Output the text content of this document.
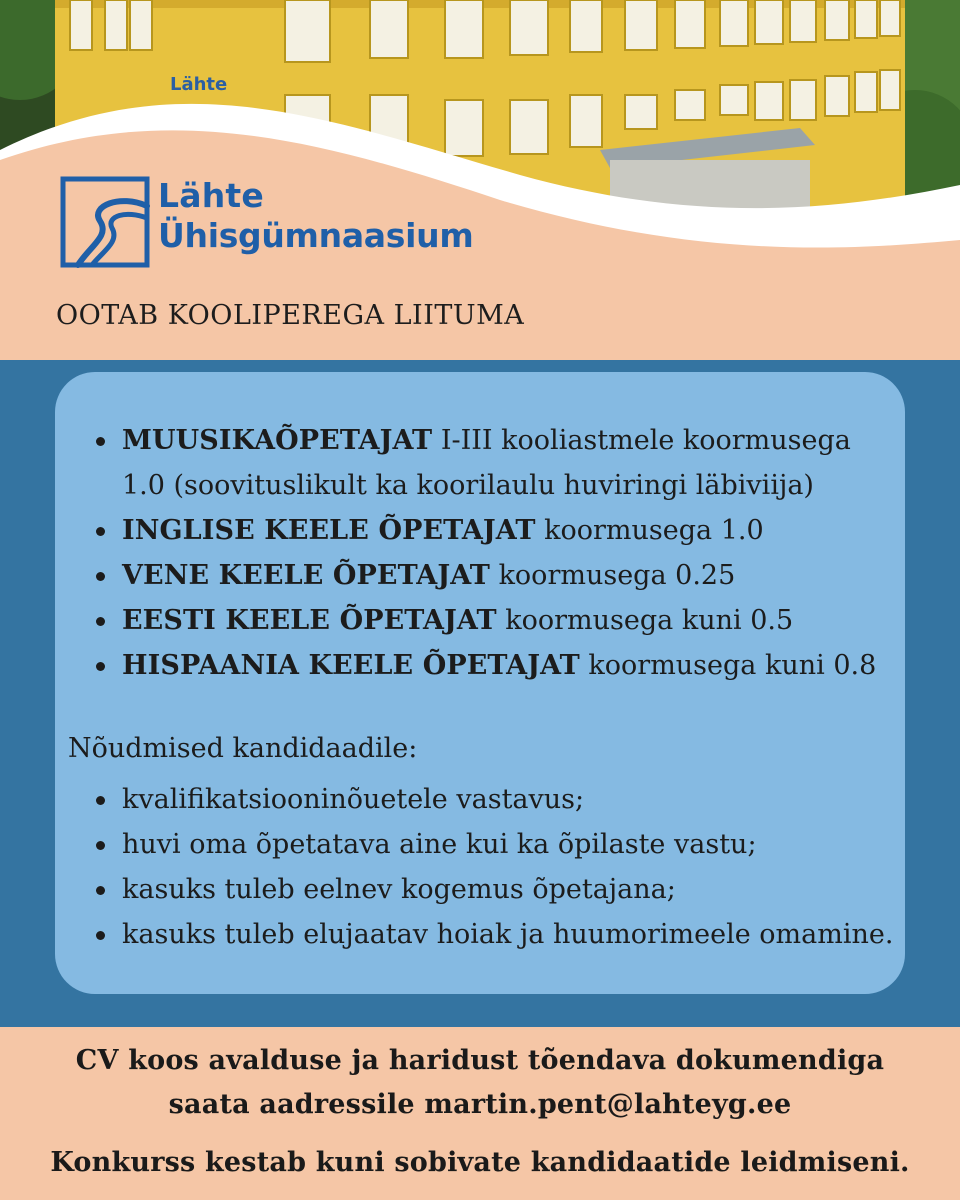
Lähte
Lähte
Ühisgümnaasium
OOTAB KOOLIPEREGA LIITUMA
MUUSIKAÕPETAJAT I-III kooliastmele koormusega 1.0 (soovituslikult ka koorilaulu huviringi läbiviija)
INGLISE KEELE ÕPETAJAT koormusega 1.0
VENE KEELE ÕPETAJAT koormusega 0.25
EESTI KEELE ÕPETAJAT koormusega kuni 0.5
HISPAANIA KEELE ÕPETAJAT koormusega kuni 0.8
Nõudmised kandidaadile:
kvalifikatsiooninõuetele vastavus;
huvi oma õpetatava aine kui ka õpilaste vastu;
kasuks tuleb eelnev kogemus õpetajana;
kasuks tuleb elujaatav hoiak ja huumorimeele omamine.

CV koos avalduse ja haridust tõendava dokumendiga

saata aadressile martin.pent@lahteyg.ee

Konkurss kestab kuni sobivate kandidaatide leidmiseni.
